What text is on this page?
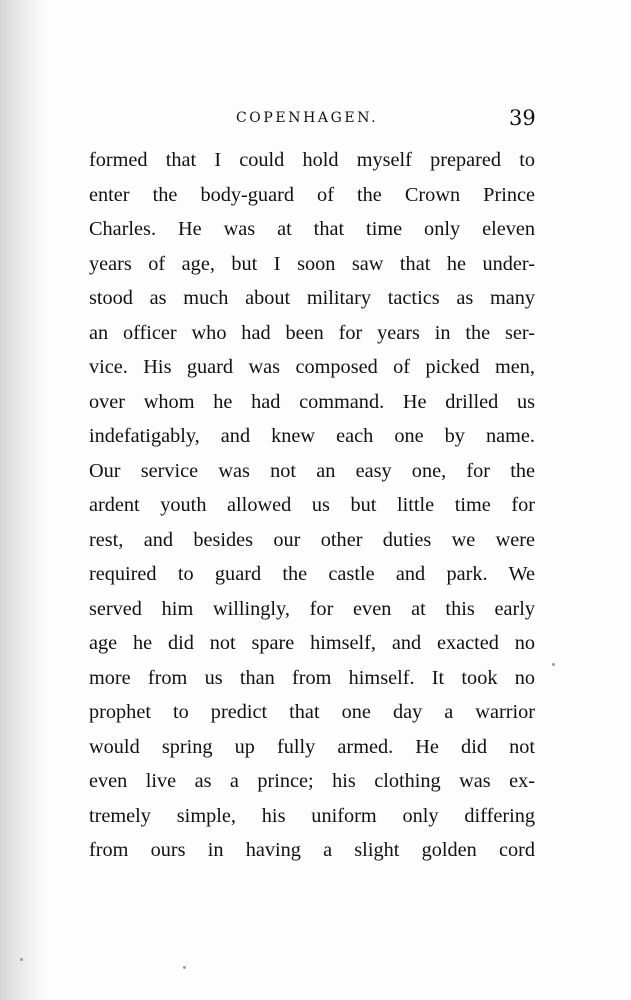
COPENHAGEN.	39
formed that I could hold myself prepared to
enter the body-guard of the Crown Prince
Charles. He was at that time only eleven
years of age, but I soon saw that he under-
stood as much about military tactics as many
an officer who had been for years in the ser-
vice. His guard was composed of picked men,
over whom he had command. He drilled us
indefatigably, and knew each one by name.
Our service was not an easy one, for the
ardent youth allowed us but little time for
rest, and besides our other duties we were
required to guard the castle and park. We
served him willingly, for even at this early
age he did not spare himself, and exacted no
more from us than from himself. It took no
prophet to predict that one day a warrior
would spring up fully armed. He did not
even live as a prince; his clothing was ex-
tremely simple, his uniform only differing
from ours in having a slight golden cord
